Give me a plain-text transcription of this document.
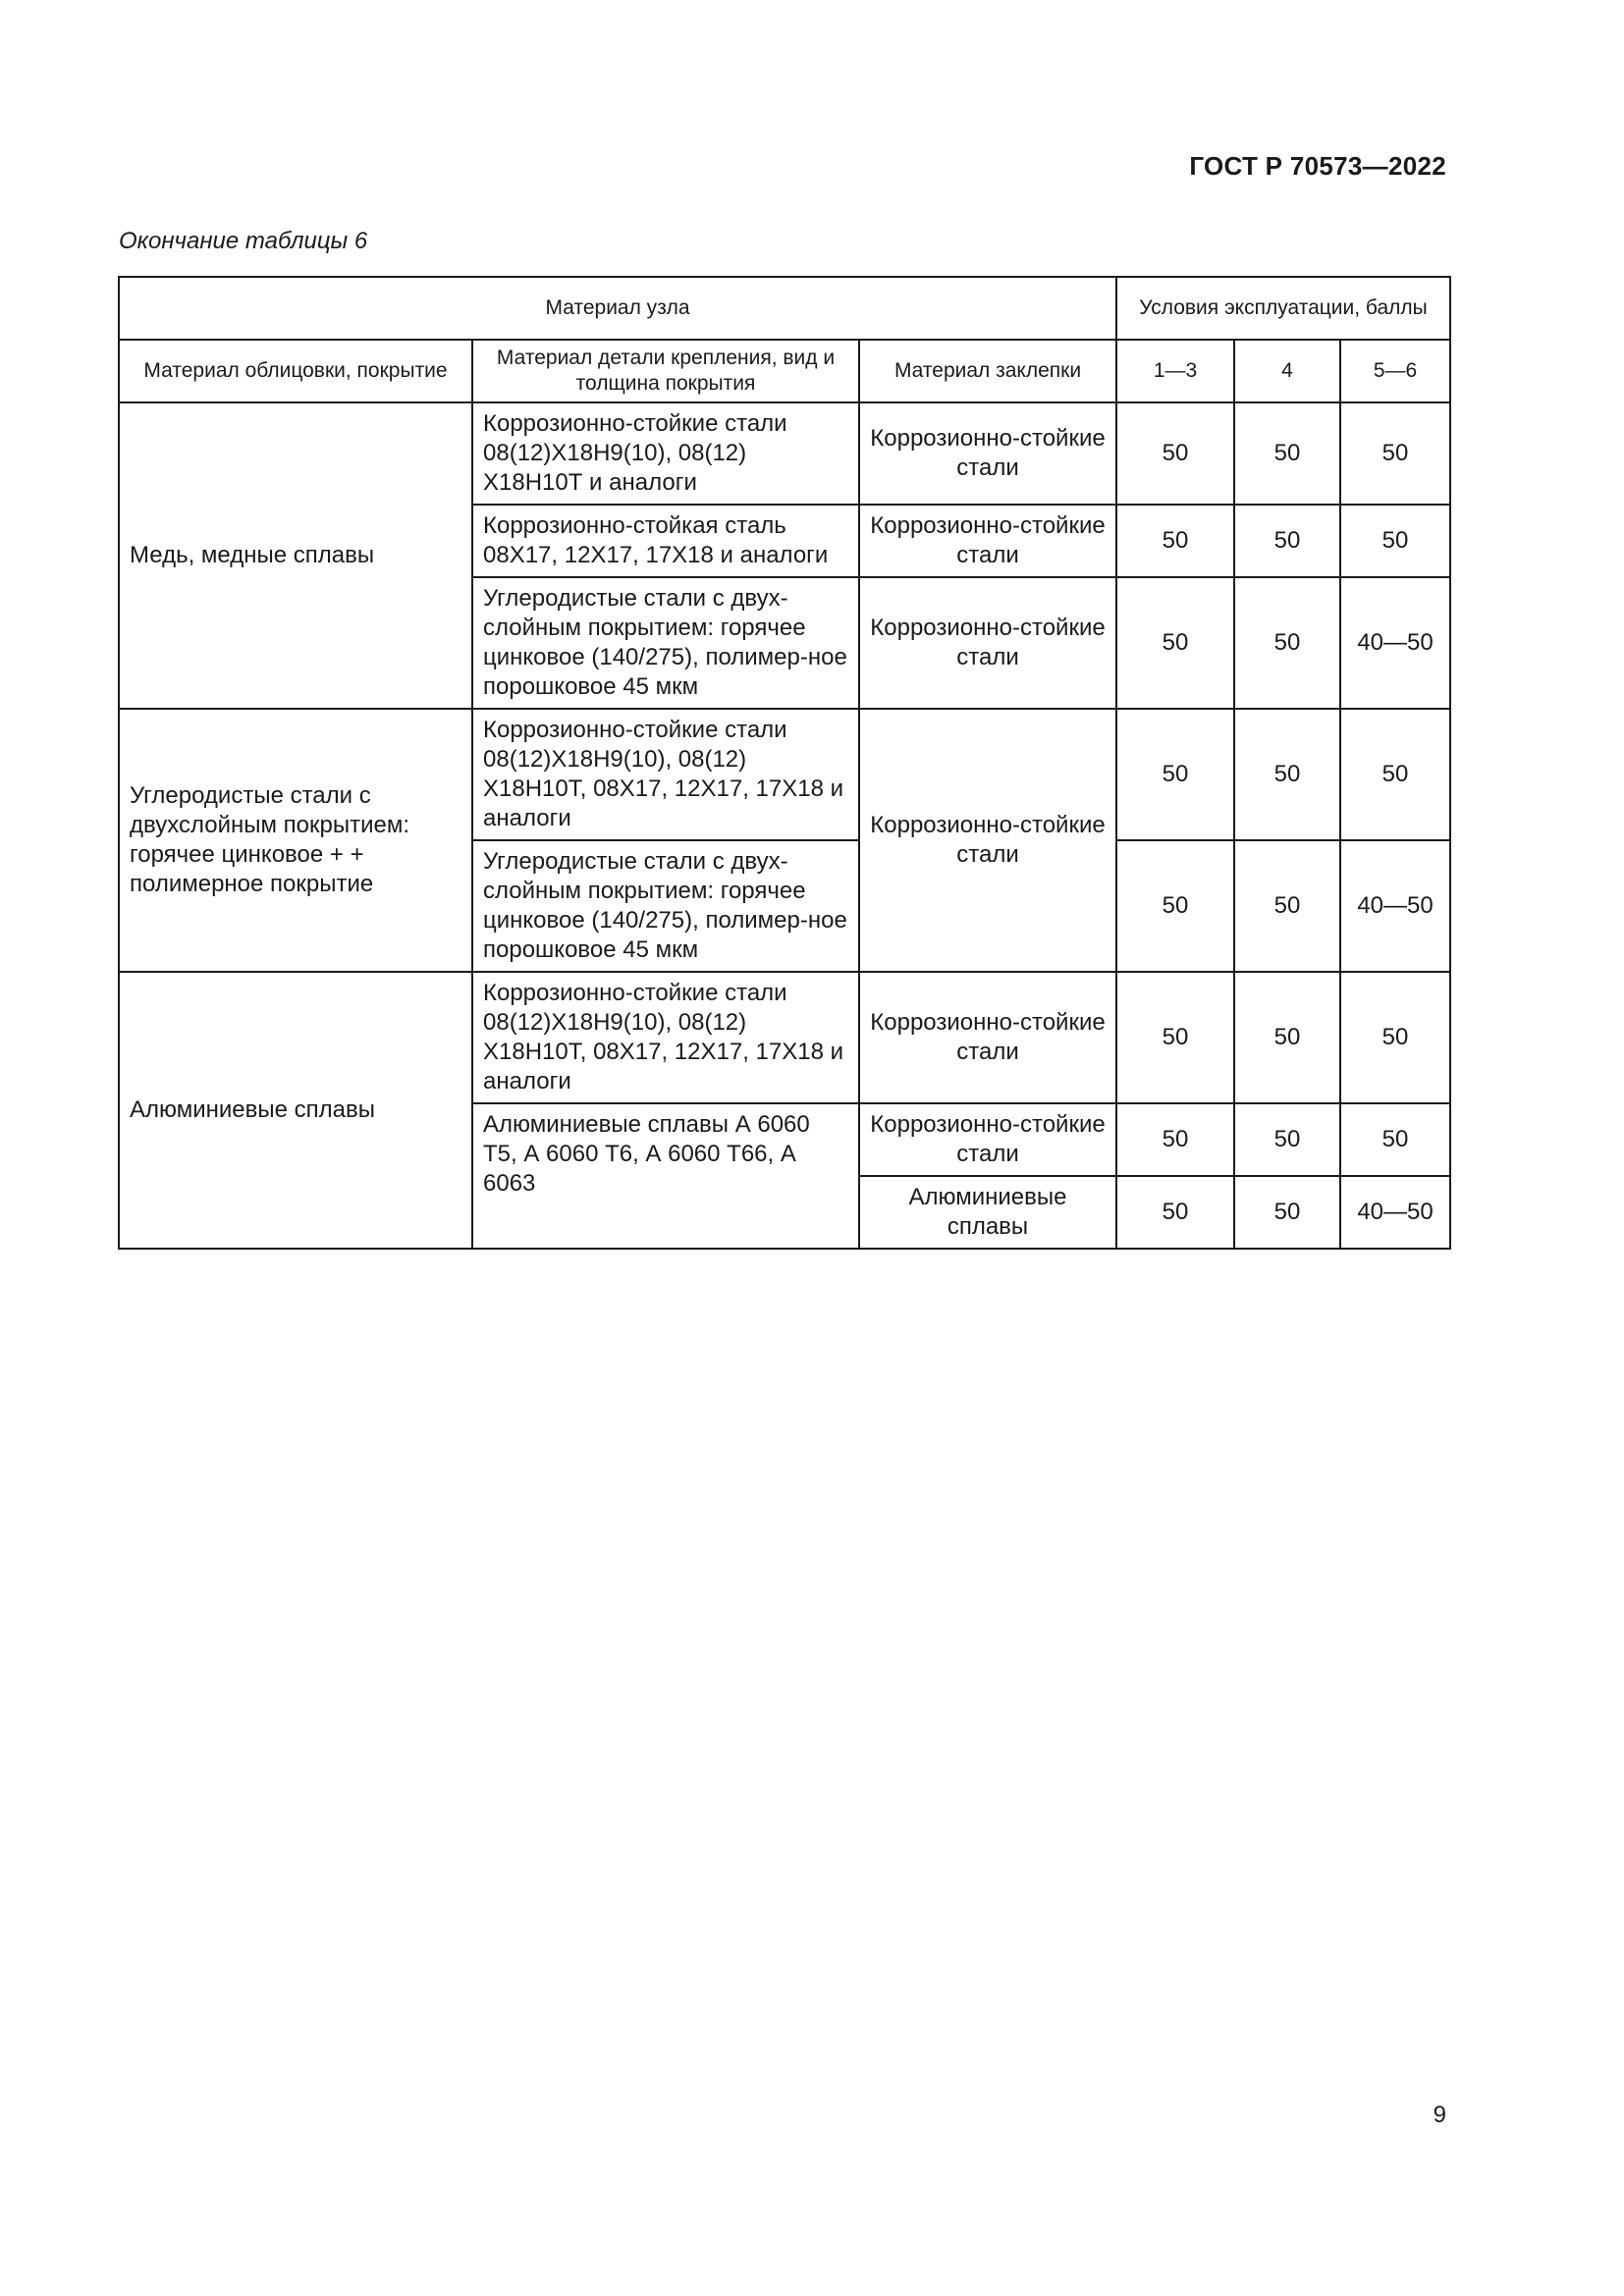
ГОСТ Р 70573—2022
Окончание таблицы 6
Материал узла			Условия эксплуатации, баллы		
Материал облицовки, покрытие	Материал детали крепления, вид и толщина покрытия	Материал заклепки	1—3	4	5—6
Медь, медные сплавы	Коррозионно-стойкие стали 08(12)Х18Н9(10), 08(12) Х18Н10Т и аналоги	Коррозионно-стойкие стали	50	50	50
	Коррозионно-стойкая сталь 08Х17, 12Х17, 17Х18 и аналоги	Коррозионно-стойкие стали	50	50	50
	Углеродистые стали с двух-слойным покрытием: горячее цинковое (140/275), полимер-ное порошковое 45 мкм	Коррозионно-стойкие стали	50	50	40—50
Углеродистые стали с двухслойным покрытием: горячее цинковое + + полимерное покрытие	Коррозионно-стойкие стали 08(12)Х18Н9(10), 08(12) Х18Н10Т, 08Х17, 12Х17, 17Х18 и аналоги	Коррозионно-стойкие стали	50	50	50
	Углеродистые стали с двух-слойным покрытием: горячее цинковое (140/275), полимер-ное порошковое 45 мкм		50	50	40—50
Алюминиевые сплавы	Коррозионно-стойкие стали 08(12)Х18Н9(10), 08(12) Х18Н10Т, 08Х17, 12Х17, 17Х18 и аналоги	Коррозионно-стойкие стали	50	50	50
	Алюминиевые сплавы А 6060 Т5, А 6060 Т6, А 6060 Т66, А 6063	Коррозионно-стойкие стали	50	50	50
		Алюминиевые сплавы	50	50	40—50
9
